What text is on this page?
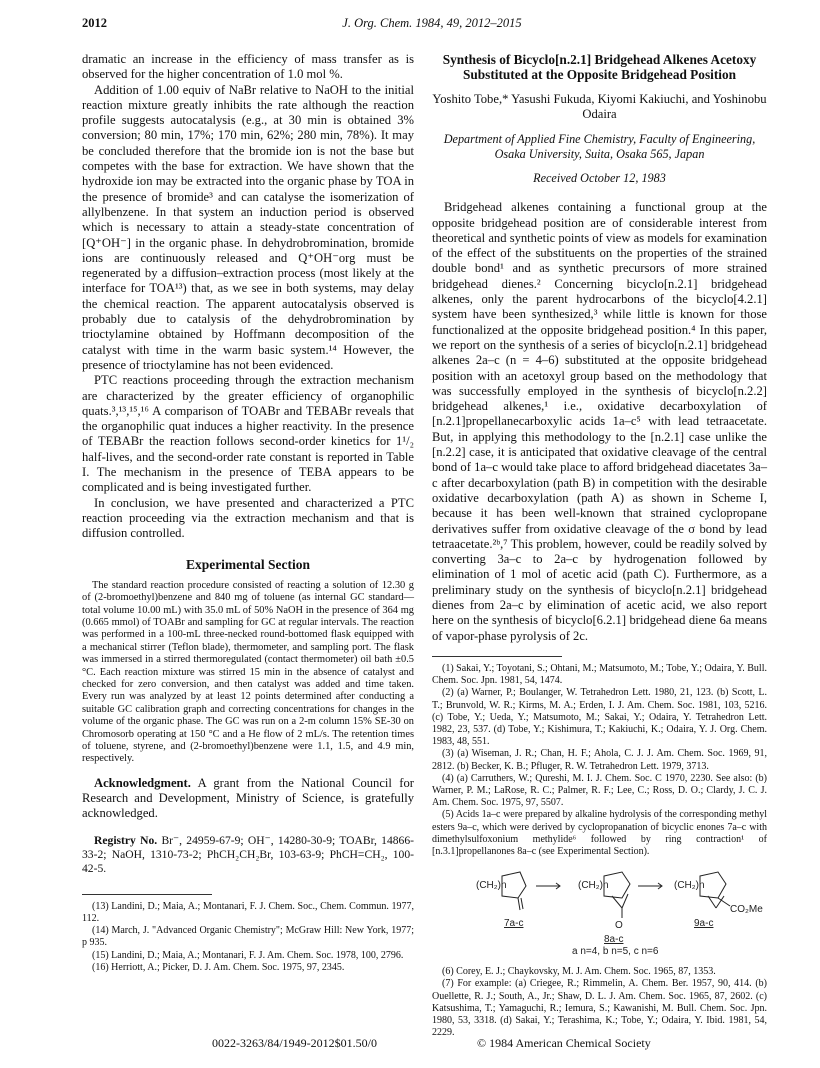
2012	J. Org. Chem. 1984, 49, 2012–2015

dramatic an increase in the efficiency of mass transfer as is observed for the higher concentration of 1.0 mol %.

Addition of 1.00 equiv of NaBr relative to NaOH to the initial reaction mixture greatly inhibits the rate although the reaction profile suggests autocatalysis (e.g., at 30 min is obtained 3% conversion; 80 min, 17%; 170 min, 62%; 280 min, 78%). It may be concluded therefore that the bromide ion is not the base but competes with the base for extraction. We have shown that the hydroxide ion may be extracted into the organic phase by TOA in the presence of bromide³ and can catalyse the isomerization of allylbenzene. In that system an induction period is observed which is necessary to attain a steady-state concentration of [Q⁺OH⁻] in the organic phase. In dehydrobromination, bromide ions are continuously released and Q⁺OH⁻org must be regenerated by a diffusion–extraction process (most likely at the interface for TOA¹³) that, as we see in both systems, may delay the chemical reaction. The apparent autocatalysis observed is probably due to catalysis of the dehydrobromination by trioctylamine obtained by Hoffmann decomposition of the catalyst with time in the warm basic system.¹⁴ However, the presence of trioctylamine has not been evidenced.

PTC reactions proceeding through the extraction mechanism are characterized by the greater efficiency of organophilic quats.³,¹³,¹⁵,¹⁶ A comparison of TOABr and TEBABr reveals that the organophilic quat induces a higher reactivity. In the presence of TEBABr the reaction follows second-order kinetics for 1¹/₂ half-lives, and the second-order rate constant is reported in Table I. The mechanism in the presence of TEBA appears to be complicated and is being investigated further.

In conclusion, we have presented and characterized a PTC reaction proceeding via the extraction mechanism and that is diffusion controlled.

Experimental Section

The standard reaction procedure consisted of reacting a solution of 12.30 g of (2-bromoethyl)benzene and 840 mg of toluene (as internal GC standard—total volume 10.00 mL) with 35.0 mL of 50% NaOH in the presence of 364 mg (0.665 mmol) of TOABr and sampling for GC at regular intervals. The reaction was performed in a 100-mL three-necked round-bottomed flask equipped with a mechanical stirrer (Teflon blade), thermometer, and sampling port. The flask was immersed in a stirred thermoregulated (contact thermometer) oil bath ±0.5 °C. Each reaction mixture was stirred 15 min in the absence of catalyst and checked for zero conversion, and then catalyst was added and time taken. Every run was analyzed by at least 12 points determined after conducting a suitable GC calibration graph and correcting concentrations for changes in the volume of the organic phase. The GC was run on a 2-m column 15% SE-30 on Chromosorb operating at 150 °C and a He flow of 2 mL/s. The retention times of toluene, styrene, and (2-bromoethyl)benzene were 1.1, 1.5, and 4.9 min, respectively.

Acknowledgment. A grant from the National Council for Research and Development, Ministry of Science, is gratefully acknowledged.

Registry No. Br⁻, 24959-67-9; OH⁻, 14280-30-9; TOABr, 14866-33-2; NaOH, 1310-73-2; PhCH₂CH₂Br, 103-63-9; PhCH=CH₂, 100-42-5.

(13) Landini, D.; Maia, A.; Montanari, F. J. Chem. Soc., Chem. Commun. 1977, 112.

(14) March, J. "Advanced Organic Chemistry"; McGraw Hill: New York, 1977; p 935.

(15) Landini, D.; Maia, A.; Montanari, F. J. Am. Chem. Soc. 1978, 100, 2796.

(16) Herriott, A.; Picker, D. J. Am. Chem. Soc. 1975, 97, 2345.

Synthesis of Bicyclo[n.2.1] Bridgehead Alkenes Acetoxy Substituted at the Opposite Bridgehead Position
Yoshito Tobe,* Yasushi Fukuda, Kiyomi Kakiuchi, and Yoshinobu Odaira
Department of Applied Fine Chemistry, Faculty of Engineering, Osaka University, Suita, Osaka 565, Japan
Received October 12, 1983

Bridgehead alkenes containing a functional group at the opposite bridgehead position are of considerable interest from theoretical and synthetic points of view as models for examination of the effect of the substituents on the properties of the strained double bond¹ and as synthetic precursors of more strained bridgehead dienes.² Concerning bicyclo[n.2.1] bridgehead alkenes, only the parent hydrocarbons of the bicyclo[4.2.1] system have been synthesized,³ while little is known for those functionalized at the opposite bridgehead position.⁴ In this paper, we report on the synthesis of a series of bicyclo[n.2.1] bridgehead alkenes 2a–c (n = 4–6) substituted at the opposite bridgehead position with an acetoxyl group based on the methodology that was successfully employed in the synthesis of bicyclo[n.2.2] bridgehead alkenes,¹ i.e., oxidative decarboxylation of [n.2.1]propellanecarboxylic acids 1a–c⁵ with lead tetraacetate. But, in applying this methodology to the [n.2.1] case unlike the [n.2.2] case, it is anticipated that oxidative cleavage of the central bond of 1a–c would take place to afford bridgehead diacetates 3a–c after decarboxylation (path B) in competition with the desirable oxidative decarboxylation (path A) as shown in Scheme I, because it has been well-known that strained cyclopropane derivatives suffer from oxidative cleavage of the σ bond by lead tetraacetate.²ᵇ,⁷ This problem, however, could be readily solved by converting 3a–c to 2a–c by hydrogenation followed by elimination of 1 mol of acetic acid (path C). Furthermore, as a preliminary study on the synthesis of bicyclo[n.2.1] bridgehead dienes from 2a–c by elimination of acetic acid, we also report here on the synthesis of bicyclo[6.2.1] bridgehead diene 6a means of vapor-phase pyrolysis of 2c.

(1) Sakai, Y.; Toyotani, S.; Ohtani, M.; Matsumoto, M.; Tobe, Y.; Odaira, Y. Bull. Chem. Soc. Jpn. 1981, 54, 1474.

(2) (a) Warner, P.; Boulanger, W. Tetrahedron Lett. 1980, 21, 123. (b) Scott, L. T.; Brunvold, W. R.; Kirms, M. A.; Erden, I. J. Am. Chem. Soc. 1981, 103, 5216. (c) Tobe, Y.; Ueda, Y.; Matsumoto, M.; Sakai, Y.; Odaira, Y. Tetrahedron Lett. 1982, 23, 537. (d) Tobe, Y.; Kishimura, T.; Kakiuchi, K.; Odaira, Y. J. Org. Chem. 1983, 48, 551.

(3) (a) Wiseman, J. R.; Chan, H. F.; Ahola, C. J. J. Am. Chem. Soc. 1969, 91, 2812. (b) Becker, K. B.; Pfluger, R. W. Tetrahedron Lett. 1979, 3713.

(4) (a) Carruthers, W.; Qureshi, M. I. J. Chem. Soc. C 1970, 2230. See also: (b) Warner, P. M.; LaRose, R. C.; Palmer, R. F.; Lee, C.; Ross, D. O.; Clardy, J. C. J. Am. Chem. Soc. 1975, 97, 5507.

(5) Acids 1a–c were prepared by alkaline hydrolysis of the corresponding methyl esters 9a–c, which were derived by cyclopropanation of bicyclic enones 7a–c with dimethylsulfoxonium methylide⁶ followed by ring contraction¹ of [n.3.1]propellanones 8a–c (see Experimental Section).

(CH₂)n	(CH₂)n	(CH₂)n
O
CO₂Me
7a-c
8a-c
9a-c
a n=4, b n=5, c n=6

(6) Corey, E. J.; Chaykovsky, M. J. Am. Chem. Soc. 1965, 87, 1353.

(7) For example: (a) Criegee, R.; Rimmelin, A. Chem. Ber. 1957, 90, 414. (b) Ouellette, R. J.; South, A., Jr.; Shaw, D. L. J. Am. Chem. Soc. 1965, 87, 2602. (c) Katsushima, T.; Yamaguchi, R.; Iemura, S.; Kawanishi, M. Bull. Chem. Soc. Jpn. 1980, 53, 3318. (d) Sakai, Y.; Terashima, K.; Tobe, Y.; Odaira, Y. Ibid. 1981, 54, 2229.

0022-3263/84/1949-2012$01.50/0	© 1984 American Chemical Society
